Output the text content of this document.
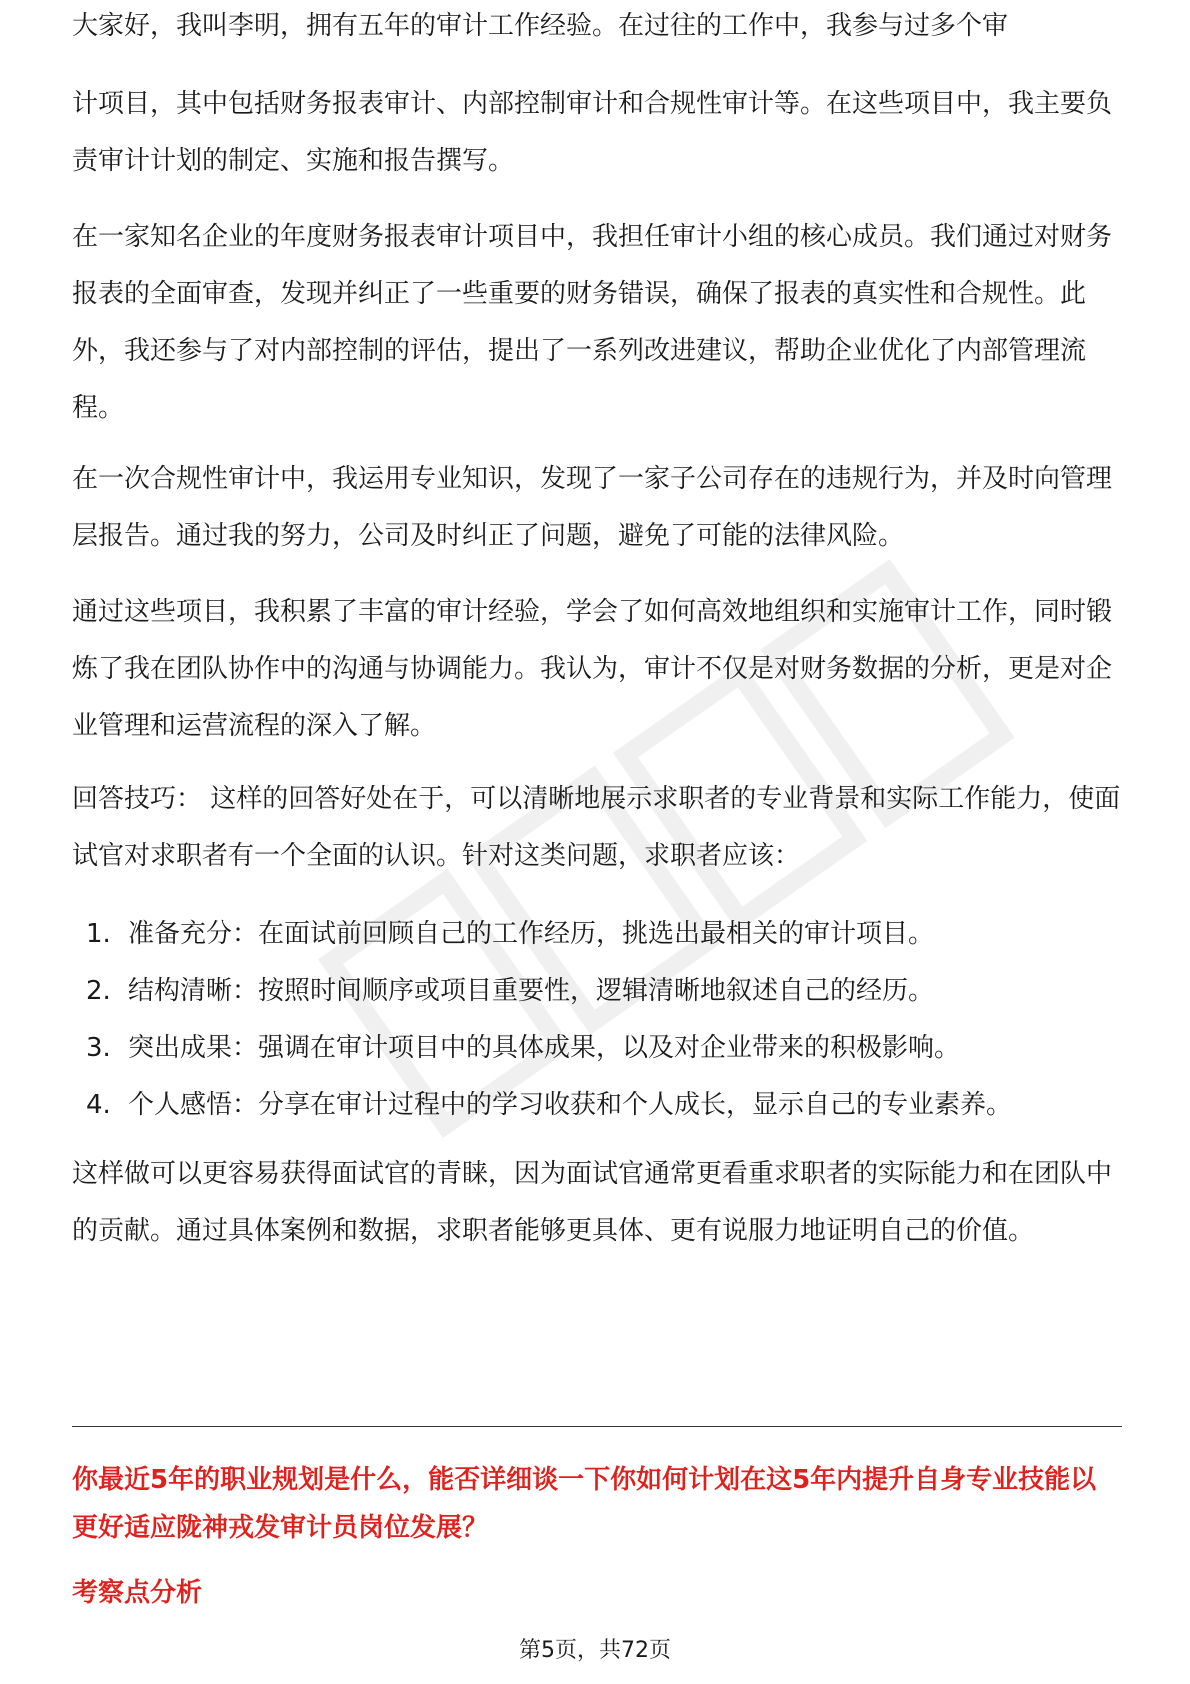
大家好，我叫李明，拥有五年的审计工作经验。在过往的工作中，我参与过多个审

计项目，其中包括财务报表审计、内部控制审计和合规性审计等。在这些项目中，我主要负责审计计划的制定、实施和报告撰写。

在一家知名企业的年度财务报表审计项目中，我担任审计小组的核心成员。我们通过对财务报表的全面审查，发现并纠正了一些重要的财务错误，确保了报表的真实性和合规性。此外，我还参与了对内部控制的评估，提出了一系列改进建议，帮助企业优化了内部管理流程。

在一次合规性审计中，我运用专业知识，发现了一家子公司存在的违规行为，并及时向管理层报告。通过我的努力，公司及时纠正了问题，避免了可能的法律风险。

通过这些项目，我积累了丰富的审计经验，学会了如何高效地组织和实施审计工作，同时锻炼了我在团队协作中的沟通与协调能力。我认为，审计不仅是对财务数据的分析，更是对企业管理和运营流程的深入了解。

回答技巧： 这样的回答好处在于，可以清晰地展示求职者的专业背景和实际工作能力，使面试官对求职者有一个全面的认识。针对这类问题，求职者应该：

1. 准备充分：在面试前回顾自己的工作经历，挑选出最相关的审计项目。
2. 结构清晰：按照时间顺序或项目重要性，逻辑清晰地叙述自己的经历。
3. 突出成果：强调在审计项目中的具体成果，以及对企业带来的积极影响。
4. 个人感悟：分享在审计过程中的学习收获和个人成长，显示自己的专业素养。

这样做可以更容易获得面试官的青睐，因为面试官通常更看重求职者的实际能力和在团队中的贡献。通过具体案例和数据，求职者能够更具体、更有说服力地证明自己的价值。

你最近5年的职业规划是什么，能否详细谈一下你如何计划在这5年内提升自身专业技能以更好适应陇神戎发审计员岗位发展？

考察点分析

第5页，共72页
